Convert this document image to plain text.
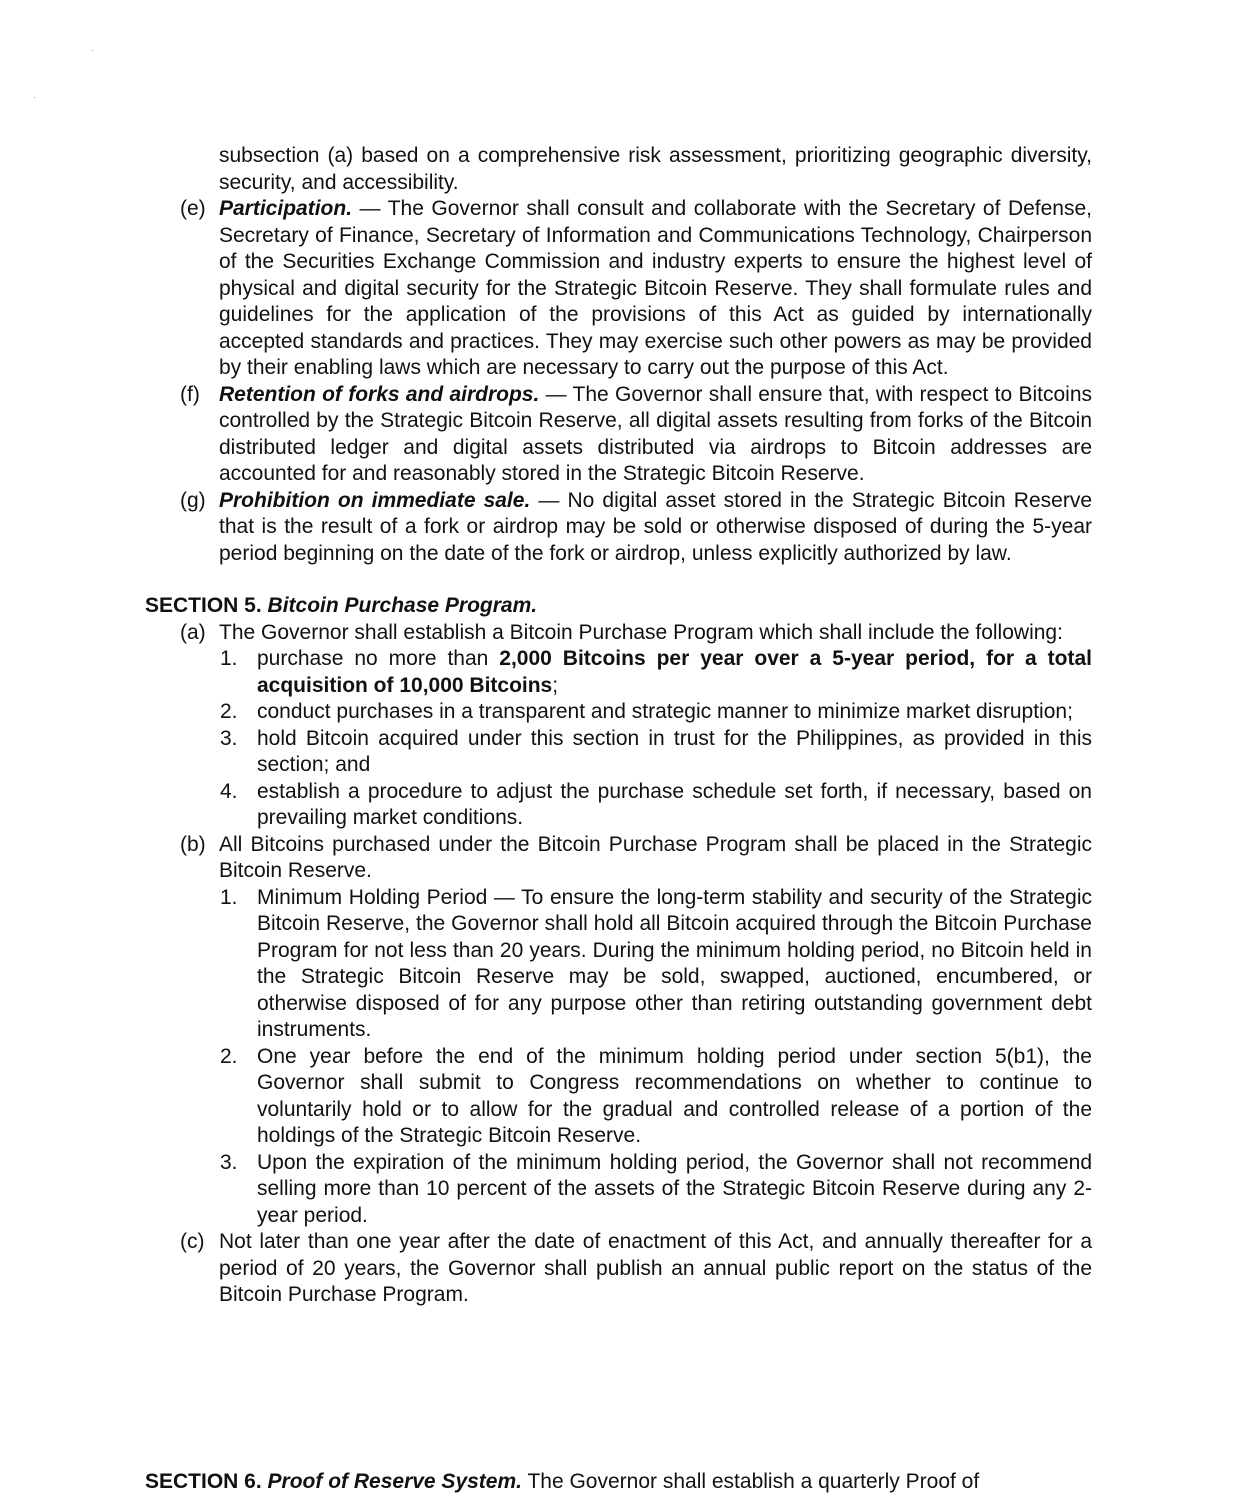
subsection (a) based on a comprehensive risk assessment, prioritizing geographic diversity, security, and accessibility.
(e) Participation. — The Governor shall consult and collaborate with the Secretary of Defense, Secretary of Finance, Secretary of Information and Communications Technology, Chairperson of the Securities Exchange Commission and industry experts to ensure the highest level of physical and digital security for the Strategic Bitcoin Reserve. They shall formulate rules and guidelines for the application of the provisions of this Act as guided by internationally accepted standards and practices. They may exercise such other powers as may be provided by their enabling laws which are necessary to carry out the purpose of this Act.
(f) Retention of forks and airdrops. — The Governor shall ensure that, with respect to Bitcoins controlled by the Strategic Bitcoin Reserve, all digital assets resulting from forks of the Bitcoin distributed ledger and digital assets distributed via airdrops to Bitcoin addresses are accounted for and reasonably stored in the Strategic Bitcoin Reserve.
(g) Prohibition on immediate sale. — No digital asset stored in the Strategic Bitcoin Reserve that is the result of a fork or airdrop may be sold or otherwise disposed of during the 5-year period beginning on the date of the fork or airdrop, unless explicitly authorized by law.
SECTION 5. Bitcoin Purchase Program.
(a) The Governor shall establish a Bitcoin Purchase Program which shall include the following:
1. purchase no more than 2,000 Bitcoins per year over a 5-year period, for a total acquisition of 10,000 Bitcoins;
2. conduct purchases in a transparent and strategic manner to minimize market disruption;
3. hold Bitcoin acquired under this section in trust for the Philippines, as provided in this section; and
4. establish a procedure to adjust the purchase schedule set forth, if necessary, based on prevailing market conditions.
(b) All Bitcoins purchased under the Bitcoin Purchase Program shall be placed in the Strategic Bitcoin Reserve.
1. Minimum Holding Period — To ensure the long-term stability and security of the Strategic Bitcoin Reserve, the Governor shall hold all Bitcoin acquired through the Bitcoin Purchase Program for not less than 20 years. During the minimum holding period, no Bitcoin held in the Strategic Bitcoin Reserve may be sold, swapped, auctioned, encumbered, or otherwise disposed of for any purpose other than retiring outstanding government debt instruments.
2. One year before the end of the minimum holding period under section 5(b1), the Governor shall submit to Congress recommendations on whether to continue to voluntarily hold or to allow for the gradual and controlled release of a portion of the holdings of the Strategic Bitcoin Reserve.
3. Upon the expiration of the minimum holding period, the Governor shall not recommend selling more than 10 percent of the assets of the Strategic Bitcoin Reserve during any 2-year period.
(c) Not later than one year after the date of enactment of this Act, and annually thereafter for a period of 20 years, the Governor shall publish an annual public report on the status of the Bitcoin Purchase Program.
SECTION 6. Proof of Reserve System. The Governor shall establish a quarterly Proof of
